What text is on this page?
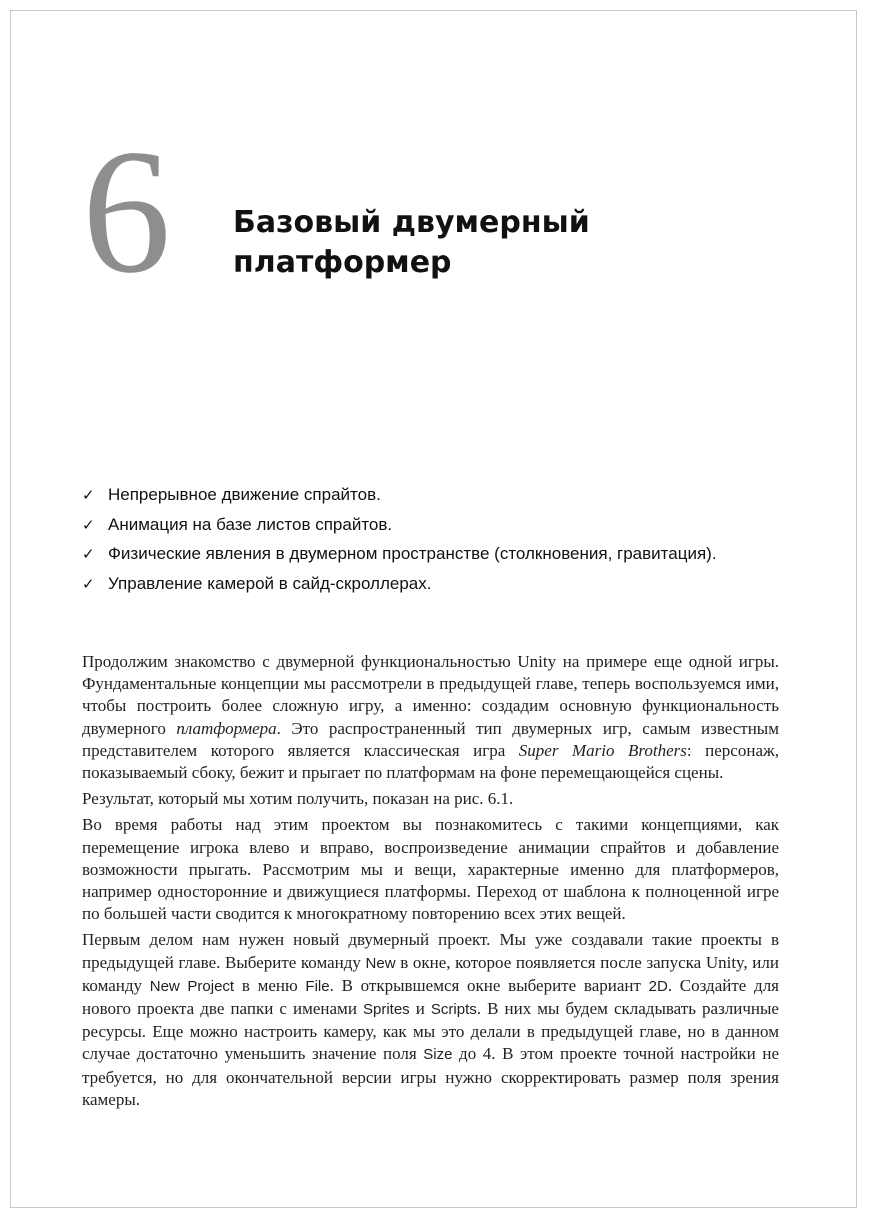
6 Базовый двумерный
платформер
✓ Непрерывное движение спрайтов.
✓ Анимация на базе листов спрайтов.
✓ Физические явления в двумерном пространстве (столкновения, гравитация).
✓ Управление камерой в сайд-скроллерах.

Продолжим знакомство с двумерной функциональностью Unity на примере еще одной игры. Фундаментальные концепции мы рассмотрели в предыдущей главе, теперь воспользуемся ими, чтобы построить более сложную игру, а именно: создадим основную функциональность двумерного платформера. Это распространенный тип двумерных игр, самым известным представителем которого является классическая игра Super Mario Brothers: персонаж, показываемый сбоку, бежит и прыгает по платформам на фоне перемещающейся сцены.

Результат, который мы хотим получить, показан на рис. 6.1.

Во время работы над этим проектом вы познакомитесь с такими концепциями, как перемещение игрока влево и вправо, воспроизведение анимации спрайтов и добавление возможности прыгать. Рассмотрим мы и вещи, характерные именно для платформеров, например односторонние и движущиеся платформы. Переход от шаблона к полноценной игре по большей части сводится к многократному повторению всех этих вещей.

Первым делом нам нужен новый двумерный проект. Мы уже создавали такие проекты в предыдущей главе. Выберите команду New в окне, которое появляется после запуска Unity, или команду New Project в меню File. В открывшемся окне выберите вариант 2D. Создайте для нового проекта две папки с именами Sprites и Scripts. В них мы будем складывать различные ресурсы. Еще можно настроить камеру, как мы это делали в предыдущей главе, но в данном случае достаточно уменьшить значение поля Size до 4. В этом проекте точной настройки не требуется, но для окончательной версии игры нужно скорректировать размер поля зрения камеры.
